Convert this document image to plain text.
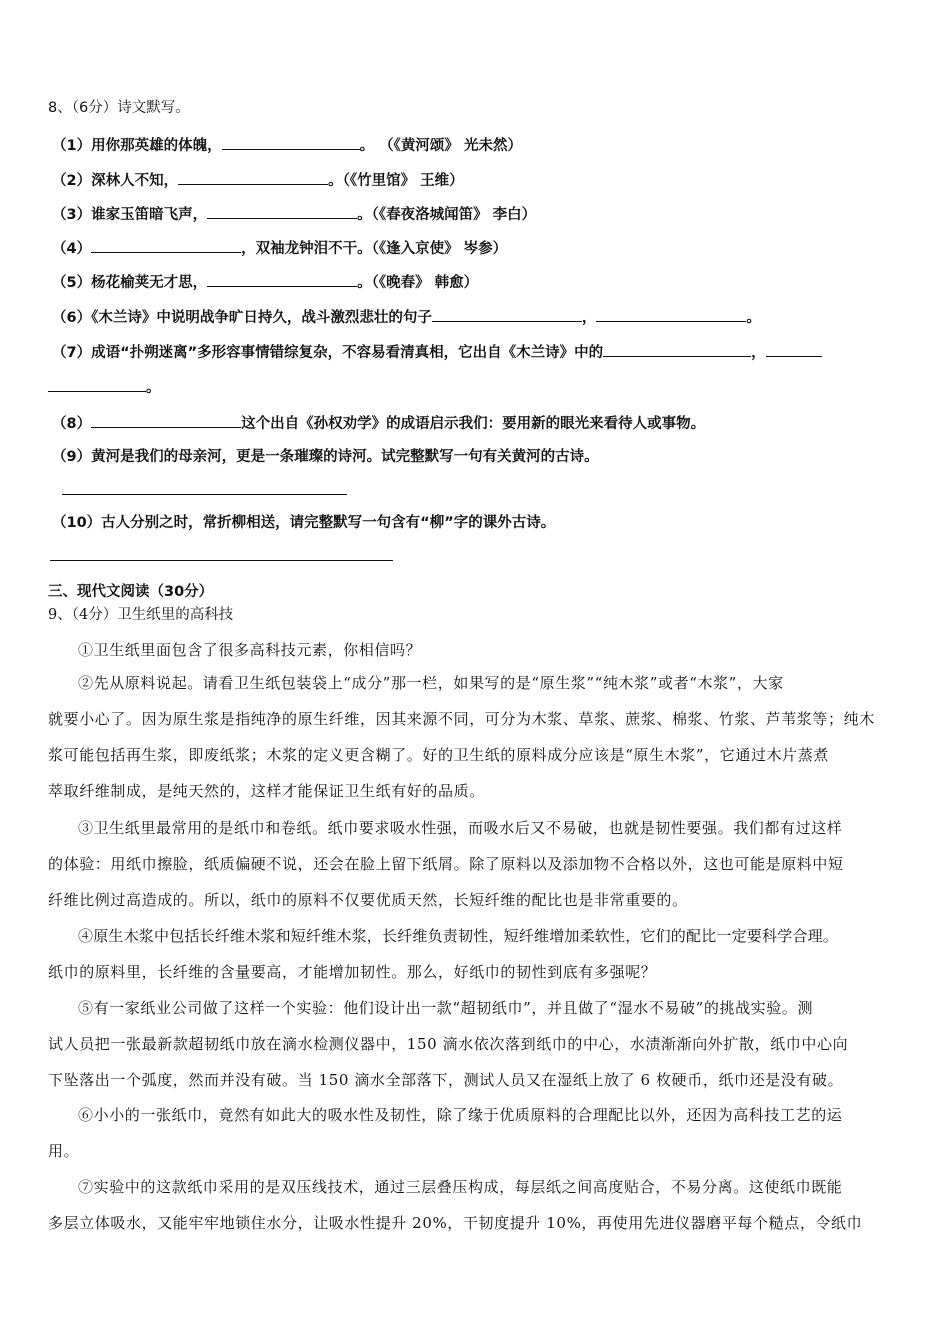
8、（6分）诗文默写。
（1）用你那英雄的体魄，	。 （《黄河颂》 光未然）
（2）深林人不知，	。（《竹里馆》 王维）
（3）谁家玉笛暗飞声，	。（《春夜洛城闻笛》 李白）
（4）	，双袖龙钟泪不干。（《逢入京使》 岑参）
（5）杨花榆荚无才思，	。（《晚春》 韩愈）
（6）《木兰诗》中说明战争旷日持久，战斗激烈悲壮的句子	，	。
（7）成语“扑朔迷离”多形容事情错综复杂，不容易看清真相，它出自《木兰诗》中的	，
。
（8）	这个出自《孙权劝学》的成语启示我们：要用新的眼光来看待人或事物。
（9）黄河是我们的母亲河，更是一条璀璨的诗河。试完整默写一句有关黄河的古诗。
（10）古人分别之时，常折柳相送，请完整默写一句含有“柳”字的课外古诗。
三、现代文阅读（30分）
9、（4分）卫生纸里的高科技
①卫生纸里面包含了很多高科技元素，你相信吗？
②先从原料说起。请看卫生纸包装袋上“成分”那一栏，如果写的是“原生浆”“纯木浆”或者“木浆”，大家
就要小心了。因为原生浆是指纯净的原生纤维，因其来源不同，可分为木浆、草浆、蔗浆、棉浆、竹浆、芦苇浆等；纯木
浆可能包括再生浆，即废纸浆；木浆的定义更含糊了。好的卫生纸的原料成分应该是“原生木浆”，它通过木片蒸煮
萃取纤维制成，是纯天然的，这样才能保证卫生纸有好的品质。
③卫生纸里最常用的是纸巾和卷纸。纸巾要求吸水性强，而吸水后又不易破，也就是韧性要强。我们都有过这样
的体验：用纸巾擦脸，纸质偏硬不说，还会在脸上留下纸屑。除了原料以及添加物不合格以外，这也可能是原料中短
纤维比例过高造成的。所以，纸巾的原料不仅要优质天然，长短纤维的配比也是非常重要的。
④原生木浆中包括长纤维木浆和短纤维木浆，长纤维负责韧性，短纤维增加柔软性，它们的配比一定要科学合理。
纸巾的原料里，长纤维的含量要高，才能增加韧性。那么，好纸巾的韧性到底有多强呢？
⑤有一家纸业公司做了这样一个实验：他们设计出一款“超韧纸巾”，并且做了“湿水不易破”的挑战实验。测
试人员把一张最新款超韧纸巾放在滴水检测仪器中，150 滴水依次落到纸巾的中心，水渍渐渐向外扩散，纸巾中心向
下坠落出一个弧度，然而并没有破。当 150 滴水全部落下，测试人员又在湿纸上放了 6 枚硬币，纸巾还是没有破。
⑥小小的一张纸巾，竟然有如此大的吸水性及韧性，除了缘于优质原料的合理配比以外，还因为高科技工艺的运
用。
⑦实验中的这款纸巾采用的是双压线技术，通过三层叠压构成，每层纸之间高度贴合，不易分离。这使纸巾既能
多层立体吸水，又能牢牢地锁住水分，让吸水性提升 20%，干韧度提升 10%，再使用先进仪器磨平每个糙点，令纸巾
